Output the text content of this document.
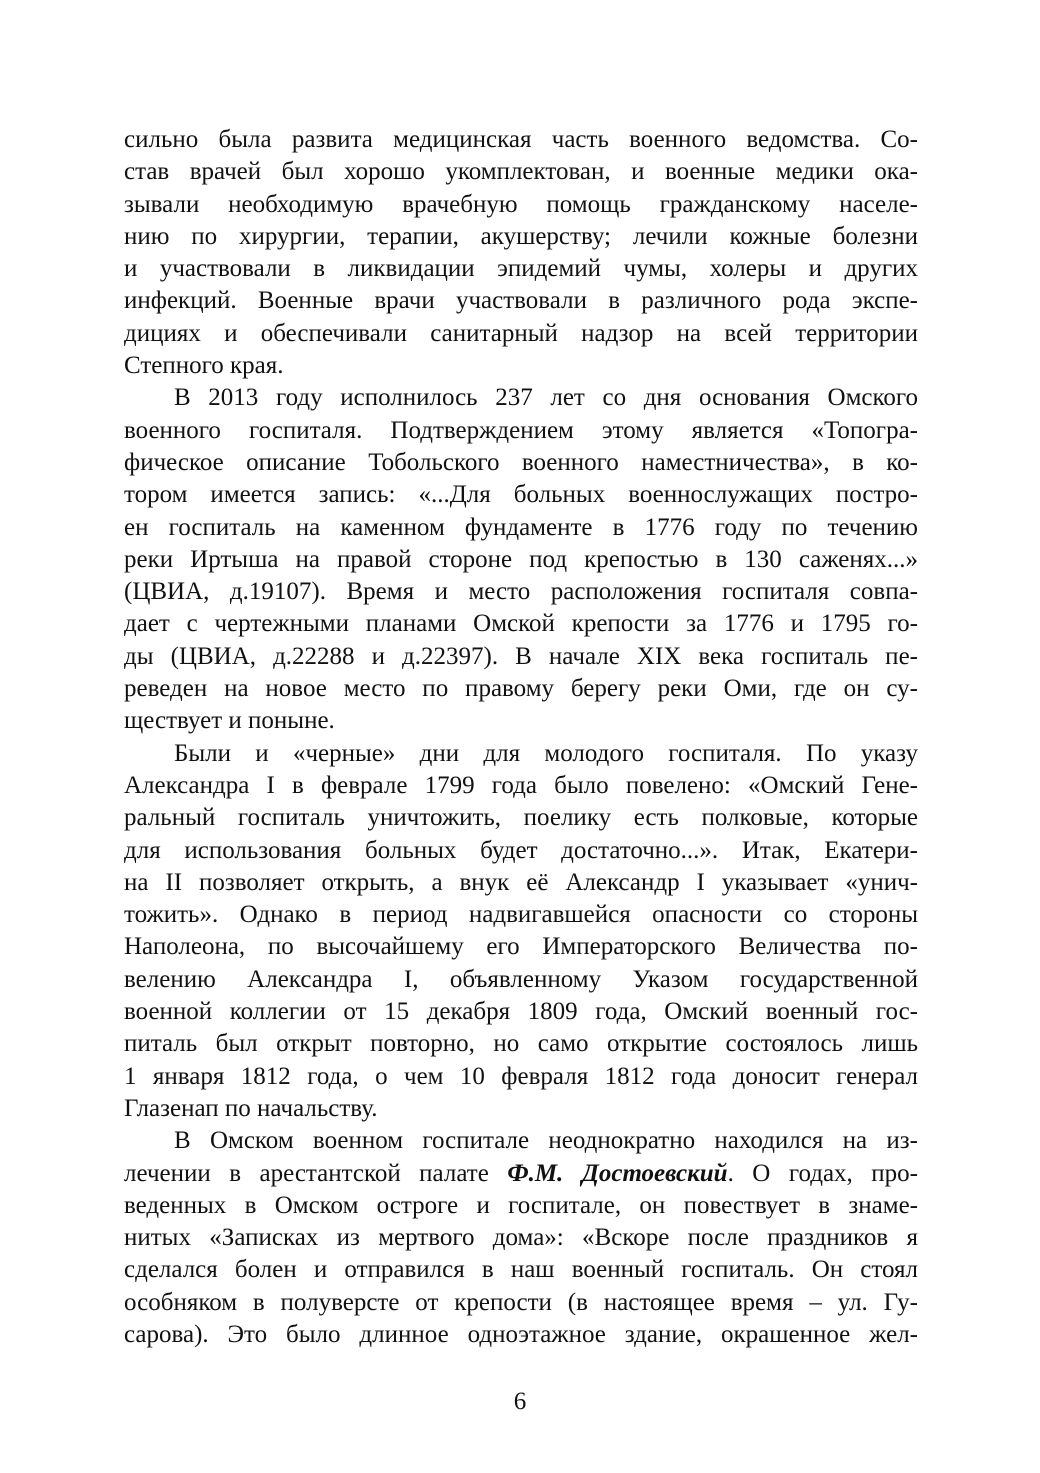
сильно была развита медицинская часть военного ведомства. Со-
став врачей был хорошо укомплектован, и военные медики ока-
зывали необходимую врачебную помощь гражданскому населе-
нию по хирургии, терапии, акушерству; лечили кожные болезни
и участвовали в ликвидации эпидемий чумы, холеры и других
инфекций. Военные врачи участвовали в различного рода экспе-
дициях и обеспечивали санитарный надзор на всей территории
Степного края.
В 2013 году исполнилось 237 лет со дня основания Омского
военного госпиталя. Подтверждением этому является «Топогра-
фическое описание Тобольского военного наместничества», в ко-
тором имеется запись: «...Для больных военнослужащих постро-
ен госпиталь на каменном фундаменте в 1776 году по течению
реки Иртыша на правой стороне под крепостью в 130 саженях...»
(ЦВИА, д.19107). Время и место расположения госпиталя совпа-
дает с чертежными планами Омской крепости за 1776 и 1795 го-
ды (ЦВИА, д.22288 и д.22397). В начале XIX века госпиталь пе-
реведен на новое место по правому берегу реки Оми, где он су-
ществует и поныне.
Были и «черные» дни для молодого госпиталя. По указу
Александра I в феврале 1799 года было повелено: «Омский Гене-
ральный госпиталь уничтожить, поелику есть полковые, которые
для использования больных будет достаточно...». Итак, Екатери-
на II позволяет открыть, а внук её Александр I указывает «унич-
тожить». Однако в период надвигавшейся опасности со стороны
Наполеона, по высочайшему его Императорского Величества по-
велению Александра I, объявленному Указом государственной
военной коллегии от 15 декабря 1809 года, Омский военный гос-
питаль был открыт повторно, но само открытие состоялось лишь
1 января 1812 года, о чем 10 февраля 1812 года доносит генерал
Глазенап по начальству.
В Омском военном госпитале неоднократно находился на из-
лечении в арестантской палате Ф.М. Достоевский. О годах, про-
веденных в Омском остроге и госпитале, он повествует в знаме-
нитых «Записках из мертвого дома»: «Вскоре после праздников я
сделался болен и отправился в наш военный госпиталь. Он стоял
особняком в полуверсте от крепости (в настоящее время – ул. Гу-
сарова). Это было длинное одноэтажное здание, окрашенное жел-
6
